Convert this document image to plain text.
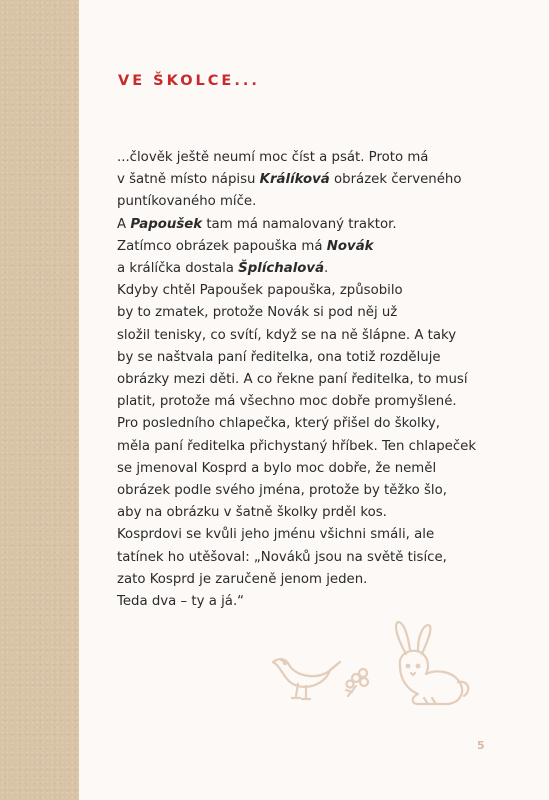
VE ŠKOLCE...
...člověk ještě neumí moc číst a psát. Proto má
v šatně místo nápisu Králíková obrázek červeného
puntíkovaného míče.
A Papoušek tam má namalovaný traktor.
Zatímco obrázek papouška má Novák
a králíčka dostala Šplíchalová.
Kdyby chtěl Papoušek papouška, způsobilo
by to zmatek, protože Novák si pod něj už
složil tenisky, co svítí, když se na ně šlápne. A taky
by se naštvala paní ředitelka, ona totiž rozděluje
obrázky mezi děti. A co řekne paní ředitelka, to musí
platit, protože má všechno moc dobře promyšlené.
Pro posledního chlapečka, který přišel do školky,
měla paní ředitelka přichystaný hříbek. Ten chlapeček
se jmenoval Kosprd a bylo moc dobře, že neměl
obrázek podle svého jména, protože by těžko šlo,
aby na obrázku v šatně školky prděl kos.
Kosprdovi se kvůli jeho jménu všichni smáli, ale
tatínek ho utěšoval: „Nováků jsou na světě tisíce,
zato Kosprd je zaručeně jenom jeden.
Teda dva – ty a já.“
5
